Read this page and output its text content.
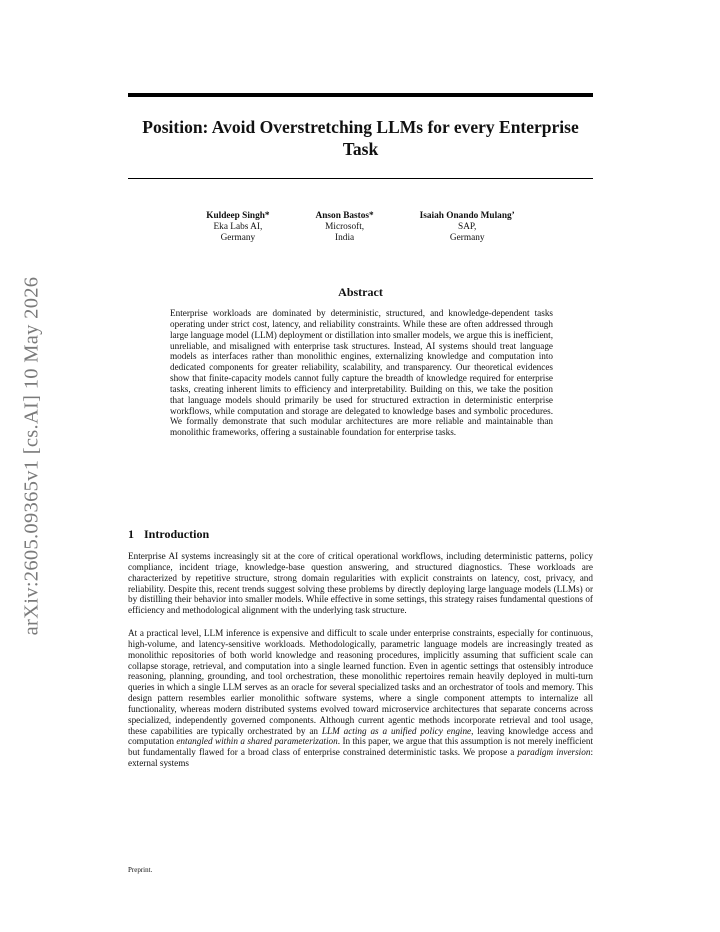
arXiv:2605.09365v1 [cs.AI] 10 May 2026
Position: Avoid Overstretching LLMs for every Enterprise Task
Kuldeep Singh*
Eka Labs AI,
Germany
Anson Bastos*
Microsoft,
India
Isaiah Onando Mulang’
SAP,
Germany
Abstract

Enterprise workloads are dominated by deterministic, structured, and knowledge-dependent tasks operating under strict cost, latency, and reliability constraints. While these are often addressed through large language model (LLM) deployment or distillation into smaller models, we argue this is inefficient, unreliable, and misaligned with enterprise task structures. Instead, AI systems should treat language models as interfaces rather than monolithic engines, externalizing knowledge and computation into dedicated components for greater reliability, scalability, and transparency. Our theoretical evidences show that finite-capacity models cannot fully capture the breadth of knowledge required for enterprise tasks, creating inherent limits to efficiency and interpretability. Building on this, we take the position that language models should primarily be used for structured extraction in deterministic enterprise workflows, while computation and storage are delegated to knowledge bases and symbolic procedures. We formally demonstrate that such modular architectures are more reliable and maintainable than monolithic frameworks, offering a sustainable foundation for enterprise tasks.

1 Introduction

Enterprise AI systems increasingly sit at the core of critical operational workflows, including deterministic patterns, policy compliance, incident triage, knowledge-base question answering, and structured diagnostics. These workloads are characterized by repetitive structure, strong domain regularities with explicit constraints on latency, cost, privacy, and reliability. Despite this, recent trends suggest solving these problems by directly deploying large language models (LLMs) or by distilling their behavior into smaller models. While effective in some settings, this strategy raises fundamental questions of efficiency and methodological alignment with the underlying task structure.

At a practical level, LLM inference is expensive and difficult to scale under enterprise constraints, especially for continuous, high-volume, and latency-sensitive workloads. Methodologically, parametric language models are increasingly treated as monolithic repositories of both world knowledge and reasoning procedures, implicitly assuming that sufficient scale can collapse storage, retrieval, and computation into a single learned function. Even in agentic settings that ostensibly introduce reasoning, planning, grounding, and tool orchestration, these monolithic repertoires remain heavily deployed in multi-turn queries in which a single LLM serves as an oracle for several specialized tasks and an orchestrator of tools and memory. This design pattern resembles earlier monolithic software systems, where a single component attempts to internalize all functionality, whereas modern distributed systems evolved toward microservice architectures that separate concerns across specialized, independently governed components. Although current agentic methods incorporate retrieval and tool usage, these capabilities are typically orchestrated by an LLM acting as a unified policy engine, leaving knowledge access and computation entangled within a shared parameterization. In this paper, we argue that this assumption is not merely inefficient but fundamentally flawed for a broad class of enterprise constrained deterministic tasks. We propose a paradigm inversion: external systems

Preprint.
